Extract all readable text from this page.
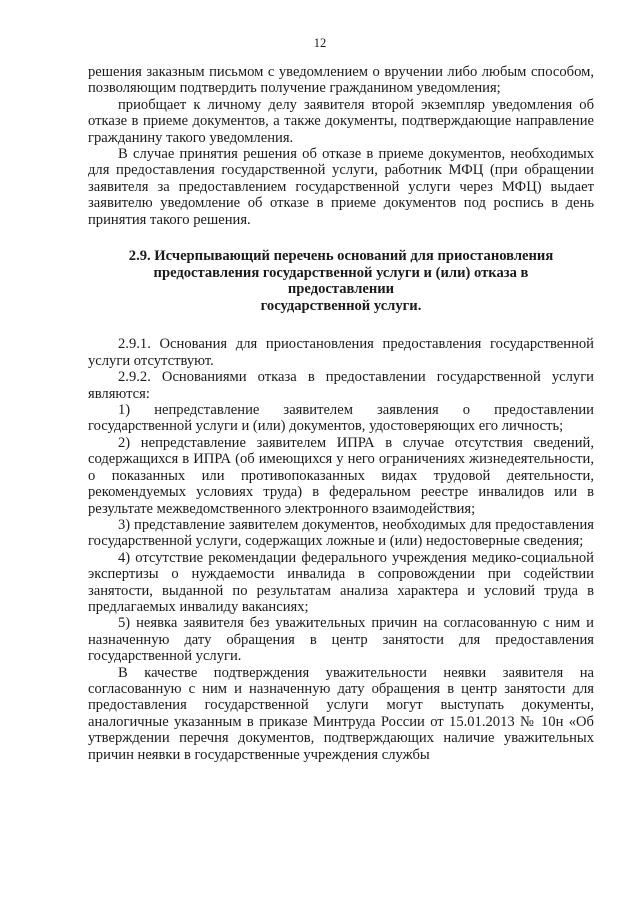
12

решения заказным письмом с уведомлением о вручении либо любым способом, позволяющим подтвердить получение гражданином уведомления;

приобщает к личному делу заявителя второй экземпляр уведомления об отказе в приеме документов, а также документы, подтверждающие направление гражданину такого уведомления.

В случае принятия решения об отказе в приеме документов, необходимых для предоставления государственной услуги, работник МФЦ (при обращении заявителя за предоставлением государственной услуги через МФЦ) выдает заявителю уведомление об отказе в приеме документов под роспись в день принятия такого решения.

2.9. Исчерпывающий перечень оснований для приостановления
предоставления государственной услуги и (или) отказа в предоставлении
государственной услуги.

2.9.1. Основания для приостановления предоставления государственной услуги отсутствуют.

2.9.2. Основаниями отказа в предоставлении государственной услуги являются:

1) непредставление заявителем заявления о предоставлении государственной услуги и (или) документов, удостоверяющих его личность;

2) непредставление заявителем ИПРА в случае отсутствия сведений, содержащихся в ИПРА (об имеющихся у него ограничениях жизнедеятельности, о показанных или противопоказанных видах трудовой деятельности, рекомендуемых условиях труда) в федеральном реестре инвалидов или в результате межведомственного электронного взаимодействия;

3) представление заявителем документов, необходимых для предоставления государственной услуги, содержащих ложные и (или) недостоверные сведения;

4) отсутствие рекомендации федерального учреждения медико-социальной экспертизы о нуждаемости инвалида в сопровождении при содействии занятости, выданной по результатам анализа характера и условий труда в предлагаемых инвалиду вакансиях;

5) неявка заявителя без уважительных причин на согласованную с ним и назначенную дату обращения в центр занятости для предоставления государственной услуги.

В качестве подтверждения уважительности неявки заявителя на согласованную с ним и назначенную дату обращения в центр занятости для предоставления государственной услуги могут выступать документы, аналогичные указанным в приказе Минтруда России от 15.01.2013 № 10н «Об утверждении перечня документов, подтверждающих наличие уважительных причин неявки в государственные учреждения службы
